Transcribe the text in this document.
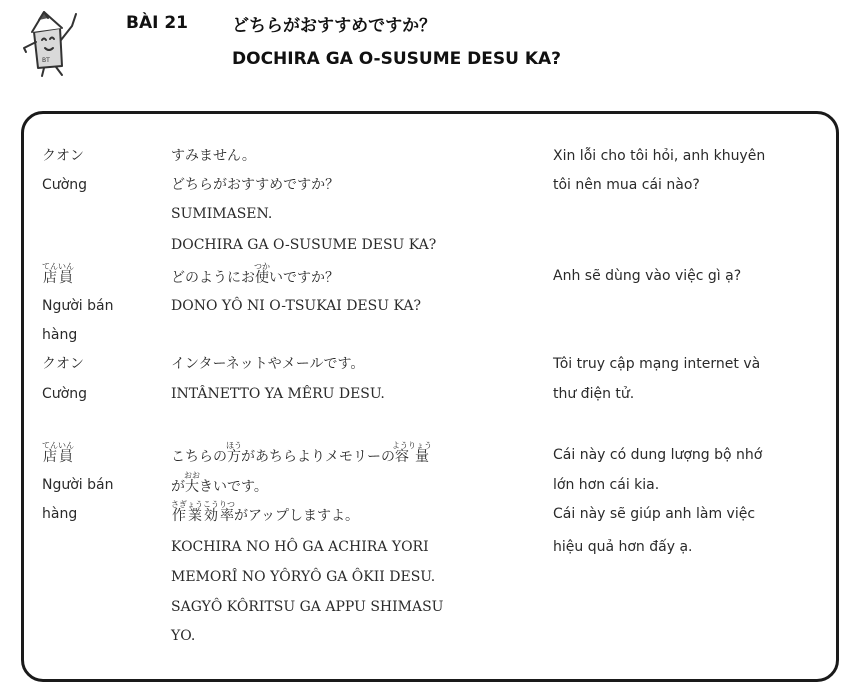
BT
BÀI 21	どちらがおすすめですか？
DOCHIRA GA O-SUSUME DESU KA?
クオン
Cường
すみません。
どちらがおすすめですか？
SUMIMASEN.
DOCHIRA GA O-SUSUME DESU KA?
Xin lỗi cho tôi hỏi, anh khuyên
tôi nên mua cái nào?
店員てんいん
Người bán
hàng
どのようにお使つかいですか？
DONO YÔ NI O-TSUKAI DESU KA?
Anh sẽ dùng vào việc gì ạ?
クオン
Cường
インターネットやメールです。
INTÂNETTO YA MÊRU DESU.
Tôi truy cập mạng internet và
thư điện tử.
店員てんいん
Người bán
hàng
こちらの方ほうがあちらよりメモリーの容量ようりょう
が大おおきいです。
作業効率さぎょうこうりつがアップしますよ。
KOCHIRA NO HÔ GA ACHIRA YORI
MEMORÎ NO YÔRYÔ GA ÔKII DESU.
SAGYÔ KÔRITSU GA APPU SHIMASU
YO.
Cái này có dung lượng bộ nhớ
lớn hơn cái kia.
Cái này sẽ giúp anh làm việc
hiệu quả hơn đấy ạ.
